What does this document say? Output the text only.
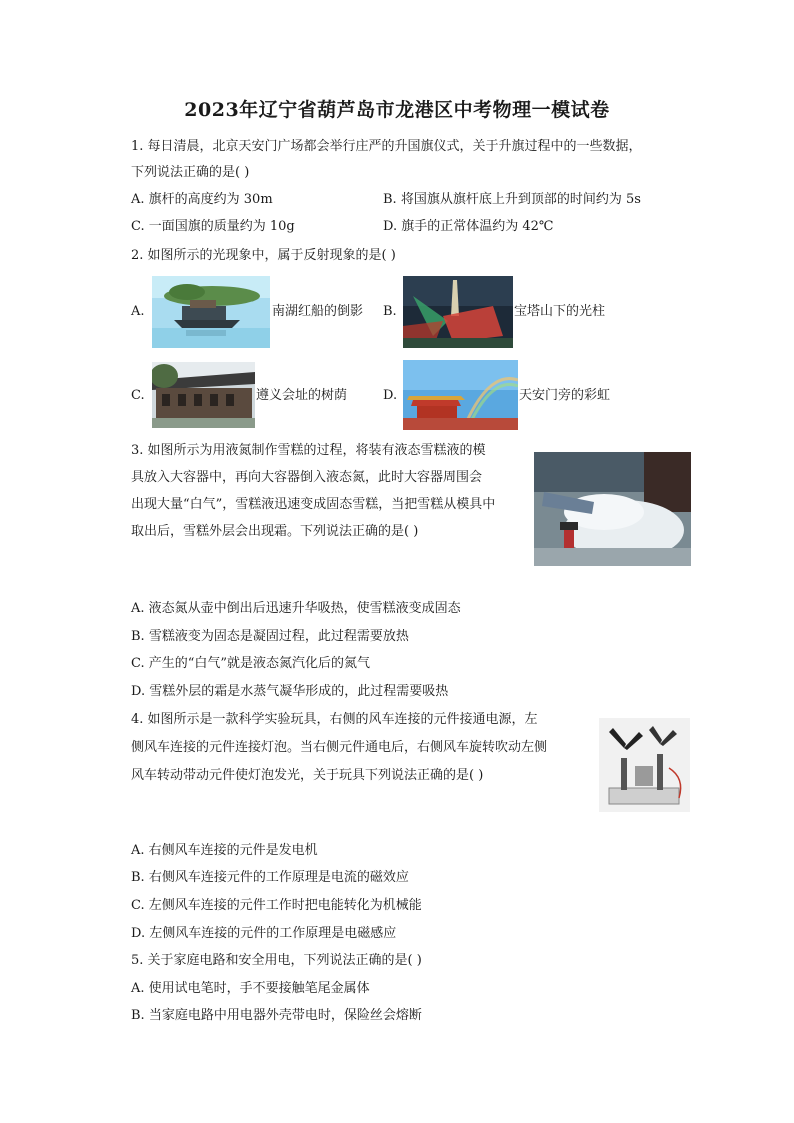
2023年辽宁省葫芦岛市龙港区中考物理一模试卷
1. 每日清晨，北京天安门广场都会举行庄严的升国旗仪式，关于升旗过程中的一些数据，
下列说法正确的是( )
A. 旗杆的高度约为 30m	B. 将国旗从旗杆底上升到顶部的时间约为 5s
C. 一面国旗的质量约为 10g	D. 旗手的正常体温约为 42℃
2. 如图所示的光现象中，属于反射现象的是( )
A.	南湖红船的倒影 B.	宝塔山下的光柱
C.	遵义会址的树荫	D.	天安门旁的彩虹
3. 如图所示为用液氮制作雪糕的过程，将装有液态雪糕液的模
具放入大容器中，再向大容器倒入液态氮，此时大容器周围会
出现大量“白气”，雪糕液迅速变成固态雪糕，当把雪糕从模具中
取出后，雪糕外层会出现霜。下列说法正确的是( )
A. 液态氮从壶中倒出后迅速升华吸热，使雪糕液变成固态
B. 雪糕液变为固态是凝固过程，此过程需要放热
C. 产生的“白气”就是液态氮汽化后的氮气
D. 雪糕外层的霜是水蒸气凝华形成的，此过程需要吸热
4. 如图所示是一款科学实验玩具，右侧的风车连接的元件接通电源，左
侧风车连接的元件连接灯泡。当右侧元件通电后，右侧风车旋转吹动左侧
风车转动带动元件使灯泡发光，关于玩具下列说法正确的是( )
A. 右侧风车连接的元件是发电机
B. 右侧风车连接元件的工作原理是电流的磁效应
C. 左侧风车连接的元件工作时把电能转化为机械能
D. 左侧风车连接的元件的工作原理是电磁感应
5. 关于家庭电路和安全用电，下列说法正确的是( )
A. 使用试电笔时，手不要接触笔尾金属体
B. 当家庭电路中用电器外壳带电时，保险丝会熔断
